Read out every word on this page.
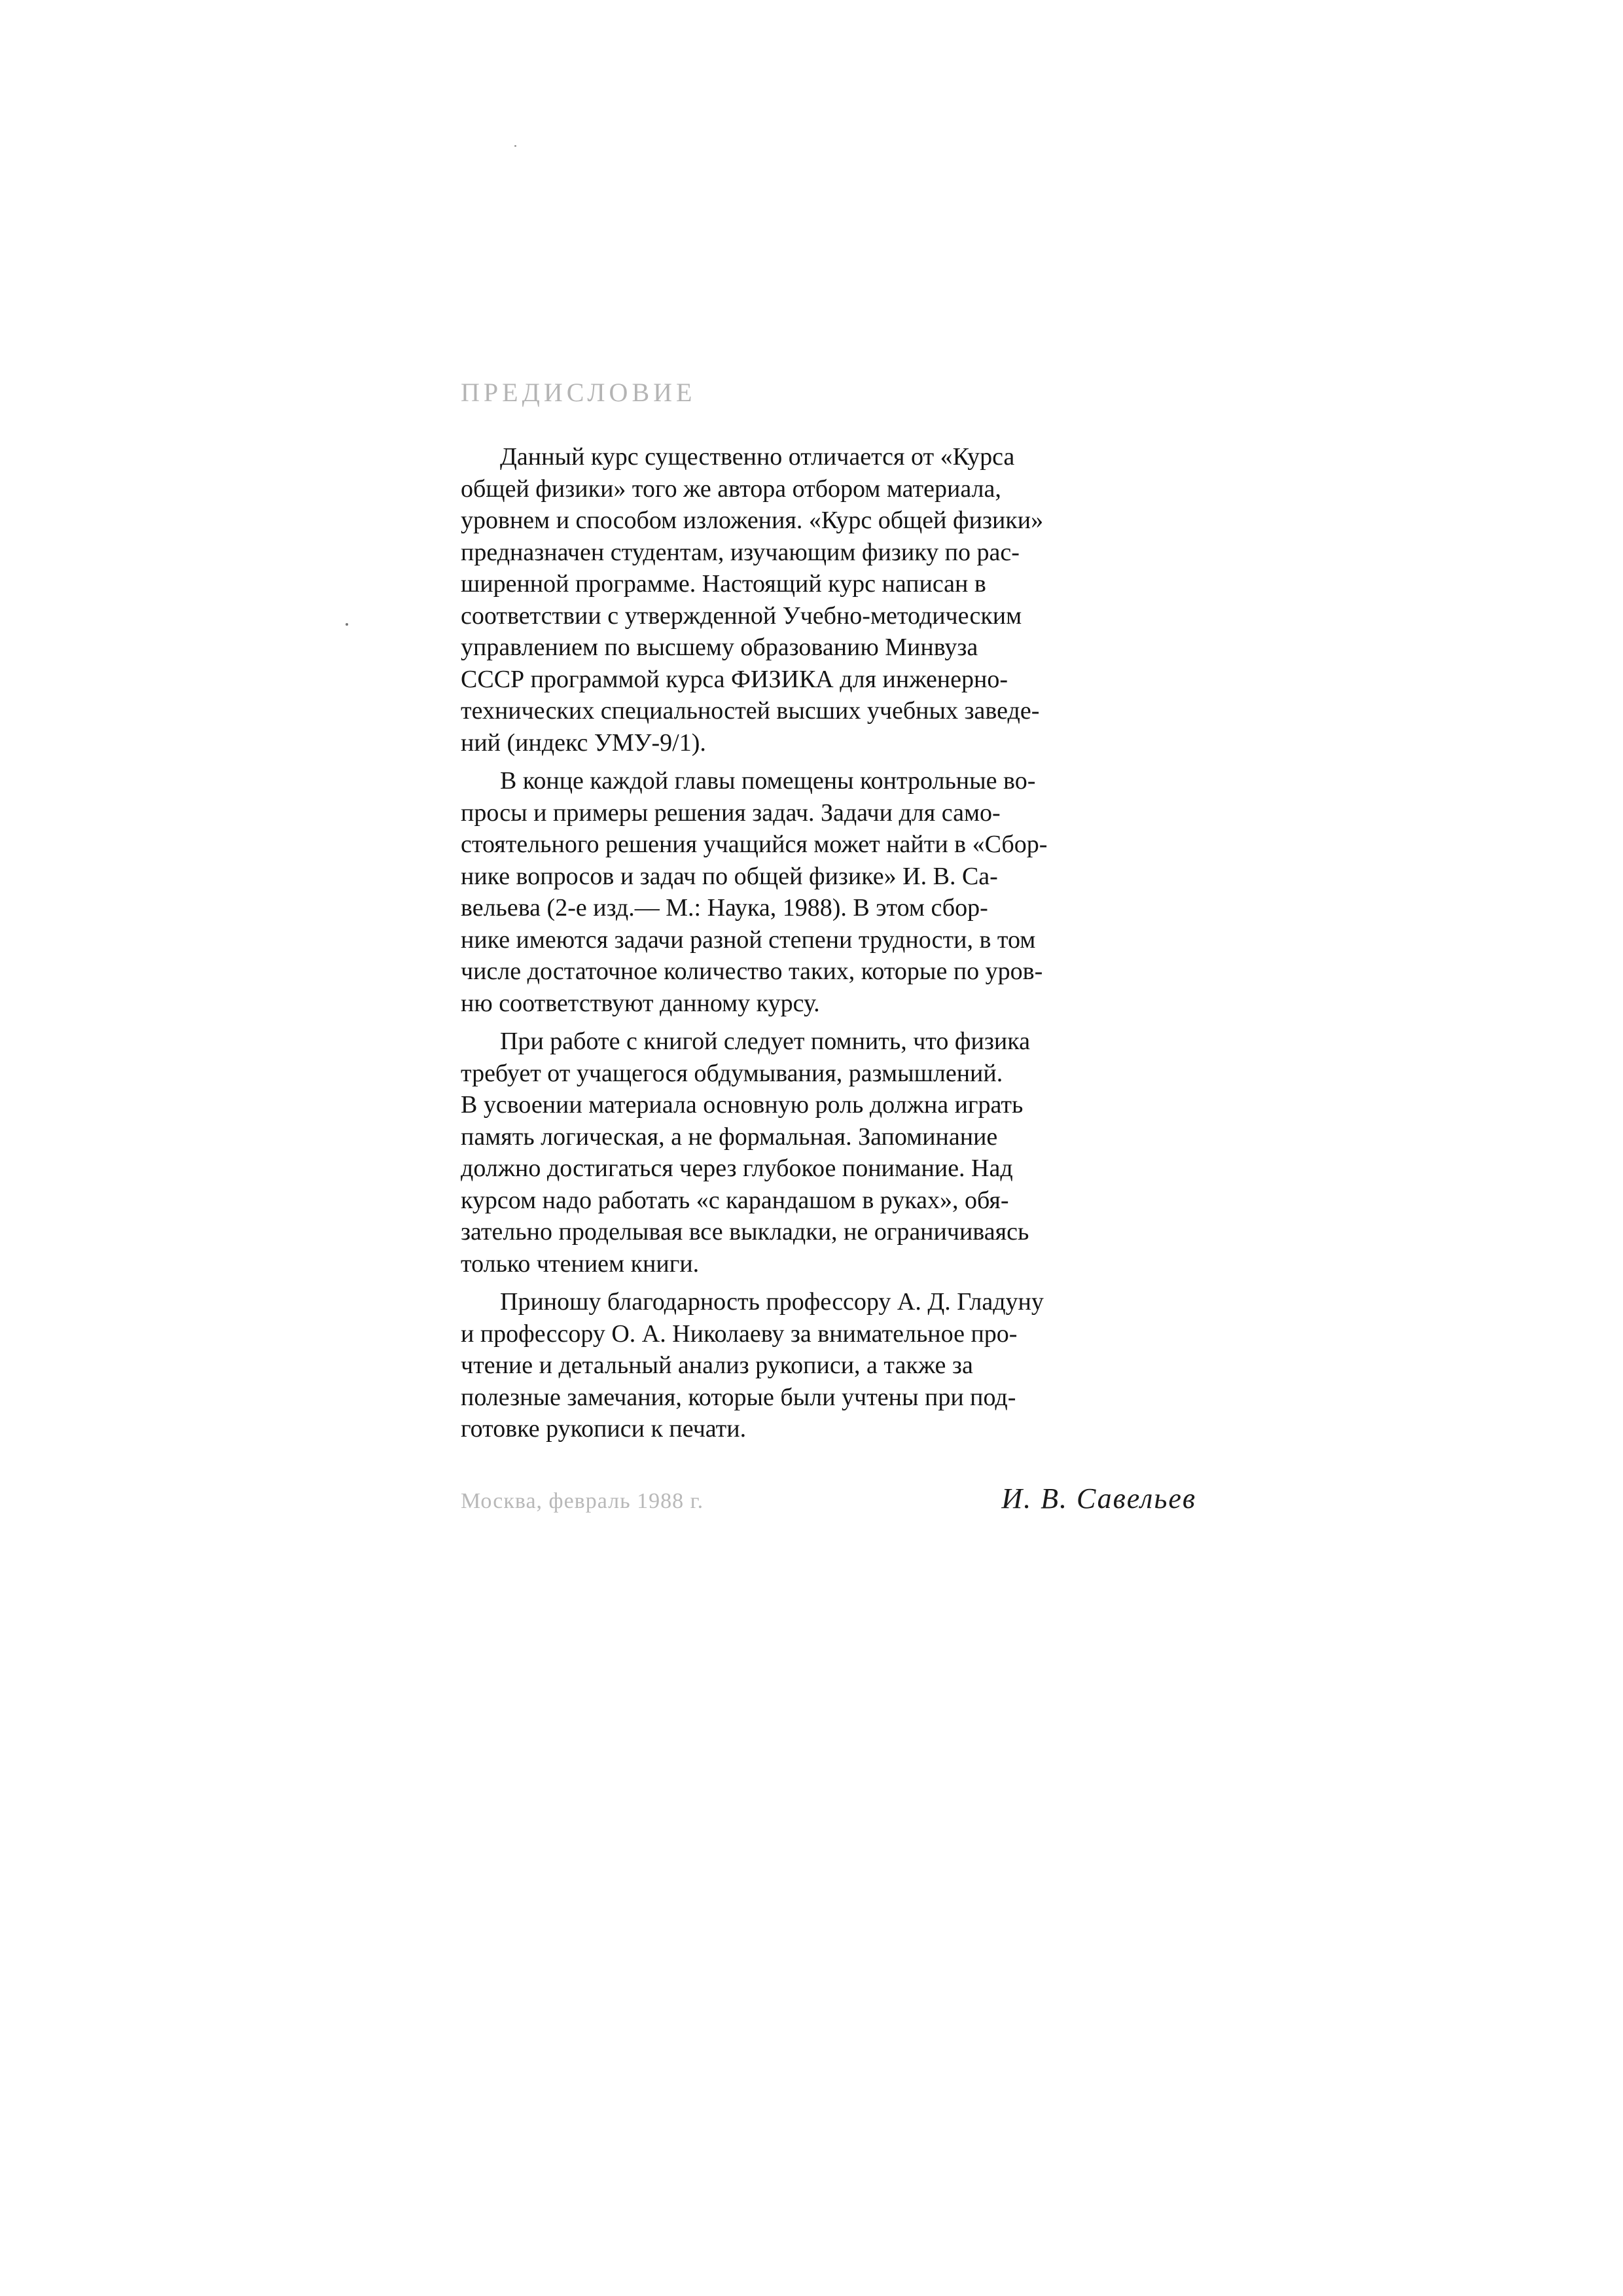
ПРЕДИСЛОВИЕ
Данный курс существенно отличается от «Курса
общей физики» того же автора отбором материала,
уровнем и способом изложения. «Курс общей физики»
предназначен студентам, изучающим физику по рас-
ширенной программе. Настоящий курс написан в
соответствии с утвержденной Учебно-методическим
управлением по высшему образованию Минвуза
СССР программой курса ФИЗИКА для инженерно-
технических специальностей высших учебных заведе-
ний (индекс УМУ-9/1).
В конце каждой главы помещены контрольные во-
просы и примеры решения задач. Задачи для само-
стоятельного решения учащийся может найти в «Сбор-
нике вопросов и задач по общей физике» И. В. Са-
вельева (2-е изд.— М.: Наука, 1988). В этом сбор-
нике имеются задачи разной степени трудности, в том
числе достаточное количество таких, которые по уров-
ню соответствуют данному курсу.
При работе с книгой следует помнить, что физика
требует от учащегося обдумывания, размышлений.
В усвоении материала основную роль должна играть
память логическая, а не формальная. Запоминание
должно достигаться через глубокое понимание. Над
курсом надо работать «с карандашом в руках», обя-
зательно проделывая все выкладки, не ограничиваясь
только чтением книги.
Приношу благодарность профессору А. Д. Гладуну
и профессору О. А. Николаеву за внимательное про-
чтение и детальный анализ рукописи, а также за
полезные замечания, которые были учтены при под-
готовке рукописи к печати.
Москва, февраль 1988 г.	И. В. Савельев
